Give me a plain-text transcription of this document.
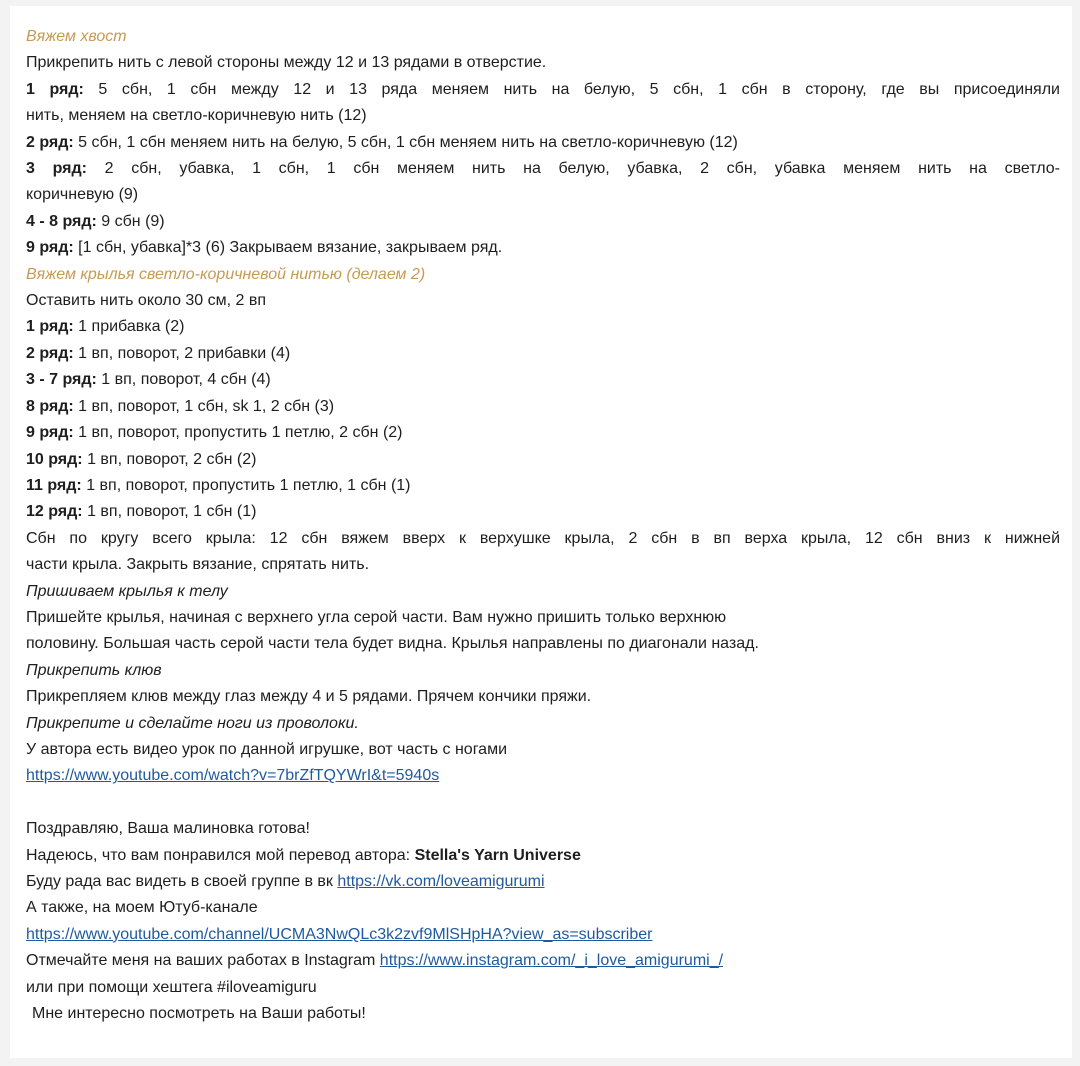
Вяжем хвост
Прикрепить нить с левой стороны между 12 и 13 рядами в отверстие.
1 ряд: 5 сбн, 1 сбн между 12 и 13 ряда меняем нить на белую, 5 сбн, 1 сбн в сторону, где вы присоединяли
нить, меняем на светло-коричневую нить (12)
2 ряд: 5 сбн, 1 сбн меняем нить на белую, 5 сбн, 1 сбн меняем нить на светло-коричневую (12)
3 ряд: 2 сбн, убавка, 1 сбн, 1 сбн меняем нить на белую, убавка, 2 сбн, убавка меняем нить на светло-
коричневую (9)
4 - 8 ряд: 9 сбн (9)
9 ряд: [1 сбн, убавка]*3 (6) Закрываем вязание, закрываем ряд.
Вяжем крылья светло-коричневой нитью (делаем 2)
Оставить нить около 30 см, 2 вп
1 ряд: 1 прибавка (2)
2 ряд: 1 вп, поворот, 2 прибавки (4)
3 - 7 ряд: 1 вп, поворот, 4 сбн (4)
8 ряд: 1 вп, поворот, 1 сбн, sk 1, 2 сбн (3)
9 ряд: 1 вп, поворот, пропустить 1 петлю, 2 сбн (2)
10 ряд: 1 вп, поворот, 2 сбн (2)
11 ряд: 1 вп, поворот, пропустить 1 петлю, 1 сбн (1)
12 ряд: 1 вп, поворот, 1 сбн (1)
Сбн по кругу всего крыла: 12 сбн вяжем вверх к верхушке крыла, 2 сбн в вп верха крыла, 12 сбн вниз к нижней
части крыла. Закрыть вязание, спрятать нить.
Пришиваем крылья к телу
Пришейте крылья, начиная с верхнего угла серой части. Вам нужно пришить только верхнюю
половину. Большая часть серой части тела будет видна. Крылья направлены по диагонали назад.
Прикрепить клюв
Прикрепляем клюв между глаз между 4 и 5 рядами. Прячем кончики пряжи.
Прикрепите и сделайте ноги из проволоки.
У автора есть видео урок по данной игрушке, вот часть с ногами
https://www.youtube.com/watch?v=7brZfTQYWrI&t=5940s
Поздравляю, Ваша малиновка готова!
Надеюсь, что вам понравился мой перевод автора: Stella's Yarn Universe
Буду рада вас видеть в своей группе в вк https://vk.com/loveamigurumi
А также, на моем Ютуб-канале
https://www.youtube.com/channel/UCMA3NwQLc3k2zvf9MlSHpHA?view_as=subscriber
Отмечайте меня на ваших работах в Instagram https://www.instagram.com/_i_love_amigurumi_/
или при помощи хештега #iloveamiguru
Мне интересно посмотреть на Ваши работы!
